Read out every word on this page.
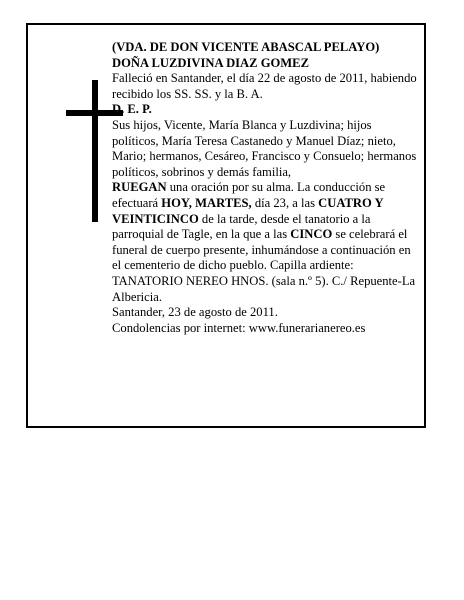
(VDA. DE DON VICENTE ABASCAL PELAYO)

DOÑA LUZDIVINA DIAZ GOMEZ

Falleció en Santander, el día 22 de agosto de 2011, habiendo recibido los SS. SS. y la B. A.

D. E. P.

Sus hijos, Vicente, María Blanca y Luzdivina; hijos políticos, María Teresa Castanedo y Manuel Díaz; nieto, Mario; hermanos, Cesáreo, Francisco y Consuelo; hermanos políticos, sobrinos y demás familia,

RUEGAN una oración por su alma. La conducción se efectuará HOY, MARTES, día 23, a las CUATRO Y VEINTICINCO de la tarde, desde el tanatorio a la parroquial de Tagle, en la que a las CINCO se celebrará el funeral de cuerpo presente, inhumándose a continuación en el cementerio de dicho pueblo. Capilla ardiente: TANATORIO NEREO HNOS. (sala n.º 5). C./ Repuente-La Albericia.

Santander, 23 de agosto de 2011.

Condolencias por internet: www.funerarianereo.es
